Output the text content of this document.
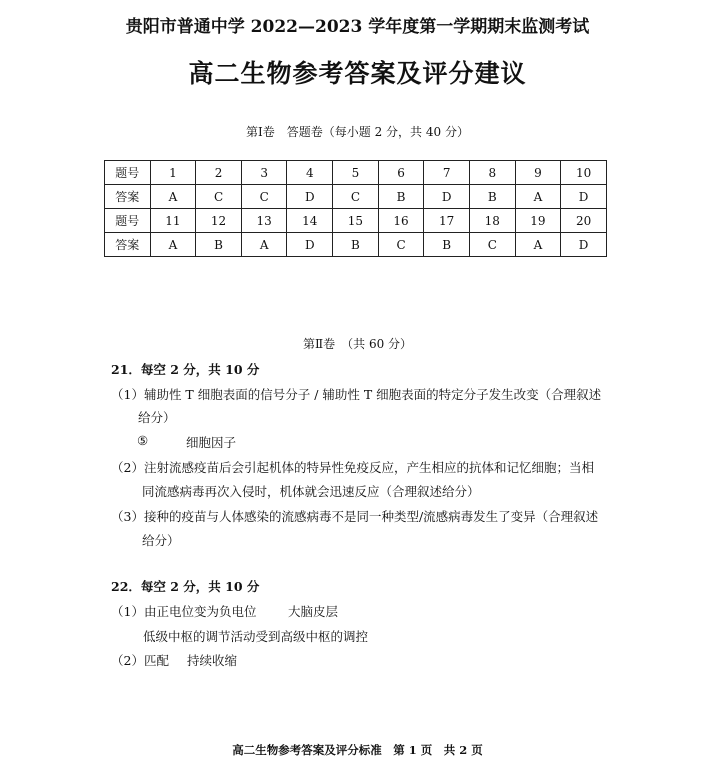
贵阳市普通中学 2022—2023 学年度第一学期期末监测考试
高二生物参考答案及评分建议
第Ⅰ卷　答题卷（每小题 2 分，共 40 分）
题号	1	2	3	4	5	6	7	8	9	10
答案	A	C	C	D	C	B	D	B	A	D
题号	11	12	13	14	15	16	17	18	19	20
答案	A	B	A	D	B	C	B	C	A	D
第Ⅱ卷　（共 60 分）
21．每空 2 分，共 10 分
（1）辅助性 T 细胞表面的信号分子 / 辅助性 T 细胞表面的特定分子发生改变（合理叙述
给分）
⑤	细胞因子
（2）注射流感疫苗后会引起机体的特异性免疫反应，产生相应的抗体和记忆细胞；当相
同流感病毒再次入侵时，机体就会迅速反应（合理叙述给分）
（3）接种的疫苗与人体感染的流感病毒不是同一种类型/流感病毒发生了变异（合理叙述
给分）
22．每空 2 分，共 10 分
（1）由正电位变为负电位	大脑皮层
低级中枢的调节活动受到高级中枢的调控
（2）匹配 持续收缩
高二生物参考答案及评分标准　第 1 页　共 2 页
